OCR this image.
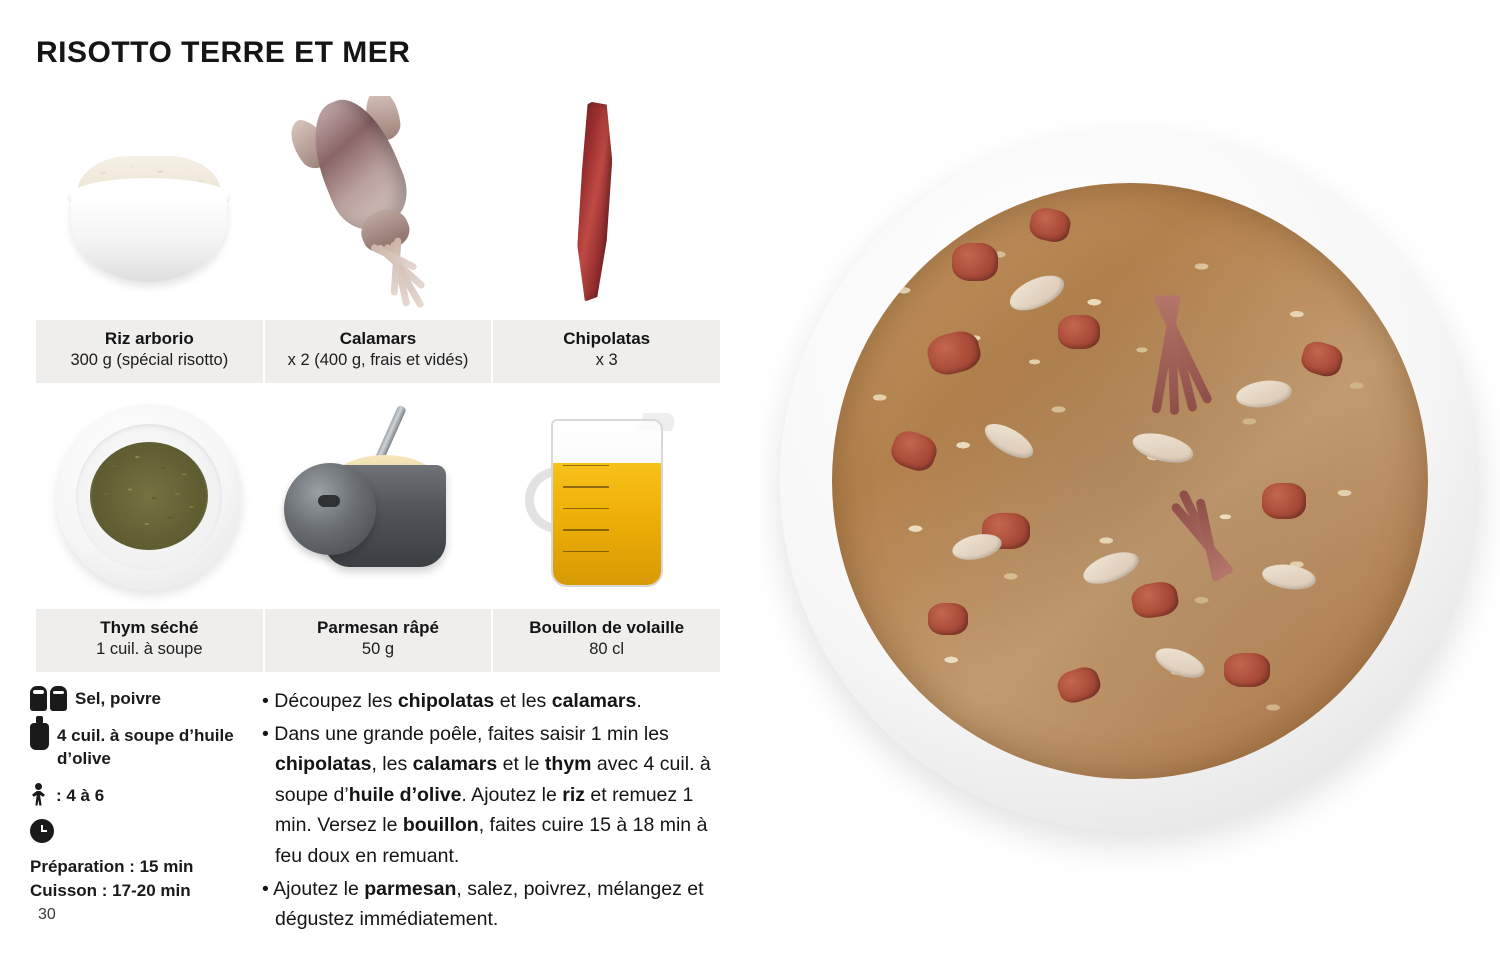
RISOTTO TERRE ET MER
Riz arborio
300 g (spécial risotto)
Calamars
x 2 (400 g, frais et vidés)
Chipolatas
x 3
Thym séché
1 cuil. à soupe
Parmesan râpé
50 g
Bouillon de volaille
80 cl
Sel, poivre
4 cuil. à soupe d’huile d’olive
: 4 à 6
Préparation : 15 min
Cuisson : 17-20 min

• Découpez les chipolatas et les calamars.

• Dans une grande poêle, faites saisir 1 min les chipolatas, les calamars et le thym avec 4 cuil. à soupe d’huile d’olive. Ajoutez le riz et remuez 1 min. Versez le bouillon, faites cuire 15 à 18 min à feu doux en remuant.

• Ajoutez le parmesan, salez, poivrez, mélangez et dégustez immédiatement.

30
